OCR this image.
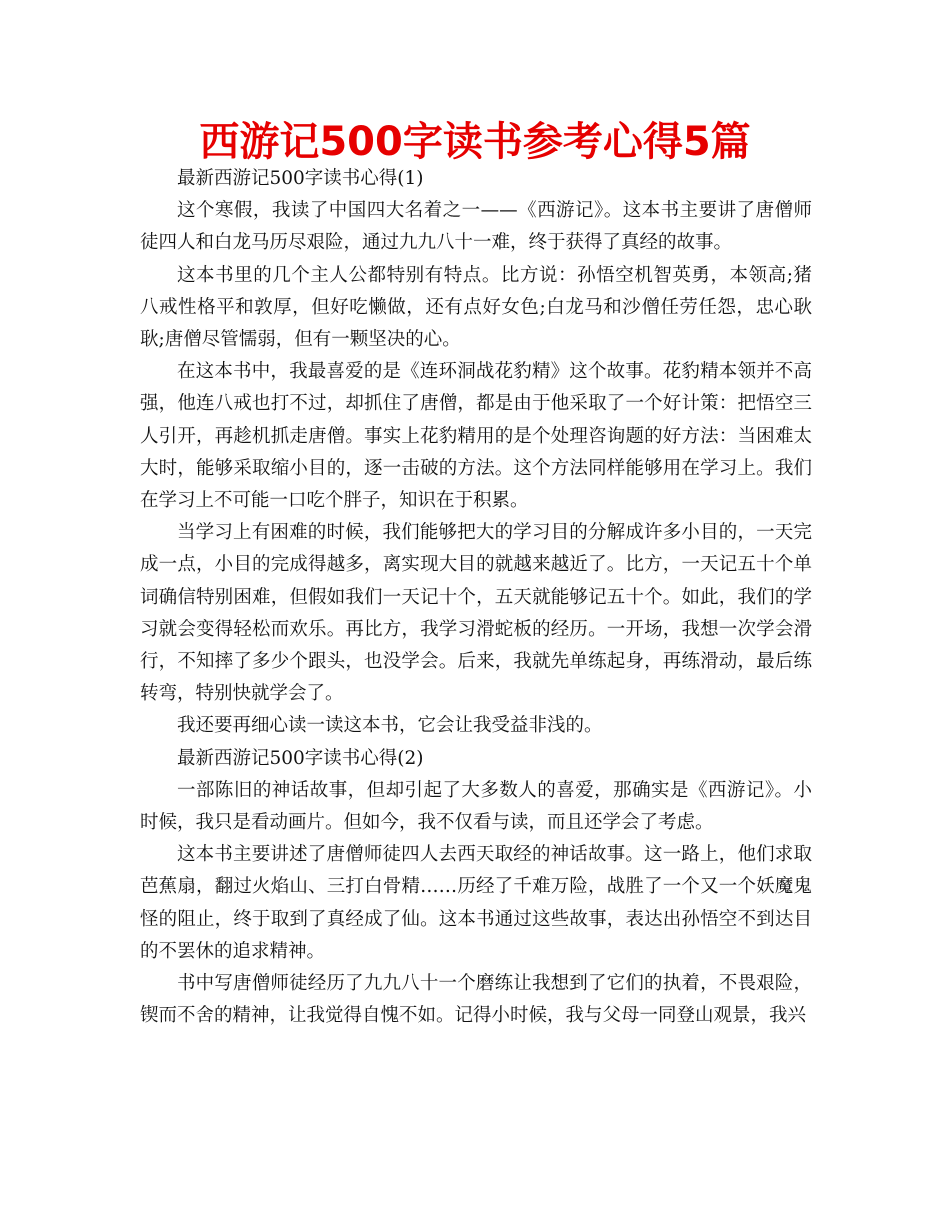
西游记500字读书参考心得5篇

最新西游记500字读书心得(1)

这个寒假，我读了中国四大名着之一——《西游记》。这本书主要讲了唐僧师徒四人和白龙马历尽艰险，通过九九八十一难，终于获得了真经的故事。

这本书里的几个主人公都特别有特点。比方说：孙悟空机智英勇，本领高;猪八戒性格平和敦厚，但好吃懒做，还有点好女色;白龙马和沙僧任劳任怨，忠心耿耿;唐僧尽管懦弱，但有一颗坚决的心。

在这本书中，我最喜爱的是《连环洞战花豹精》这个故事。花豹精本领并不高强，他连八戒也打不过，却抓住了唐僧，都是由于他采取了一个好计策：把悟空三人引开，再趁机抓走唐僧。事实上花豹精用的是个处理咨询题的好方法：当困难太大时，能够采取缩小目的，逐一击破的方法。这个方法同样能够用在学习上。我们在学习上不可能一口吃个胖子，知识在于积累。

当学习上有困难的时候，我们能够把大的学习目的分解成许多小目的，一天完成一点，小目的完成得越多，离实现大目的就越来越近了。比方，一天记五十个单词确信特别困难，但假如我们一天记十个，五天就能够记五十个。如此，我们的学习就会变得轻松而欢乐。再比方，我学习滑蛇板的经历。一开场，我想一次学会滑行，不知摔了多少个跟头，也没学会。后来，我就先单练起身，再练滑动，最后练转弯，特别快就学会了。

我还要再细心读一读这本书，它会让我受益非浅的。

最新西游记500字读书心得(2)

一部陈旧的神话故事，但却引起了大多数人的喜爱，那确实是《西游记》。小时候，我只是看动画片。但如今，我不仅看与读，而且还学会了考虑。

这本书主要讲述了唐僧师徒四人去西天取经的神话故事。这一路上，他们求取芭蕉扇，翻过火焰山、三打白骨精……历经了千难万险，战胜了一个又一个妖魔鬼怪的阻止，终于取到了真经成了仙。这本书通过这些故事，表达出孙悟空不到达目的不罢休的追求精神。

书中写唐僧师徒经历了九九八十一个磨练让我想到了它们的执着，不畏艰险，锲而不舍的精神，让我觉得自愧不如。记得小时候，我与父母一同登山观景，我兴
